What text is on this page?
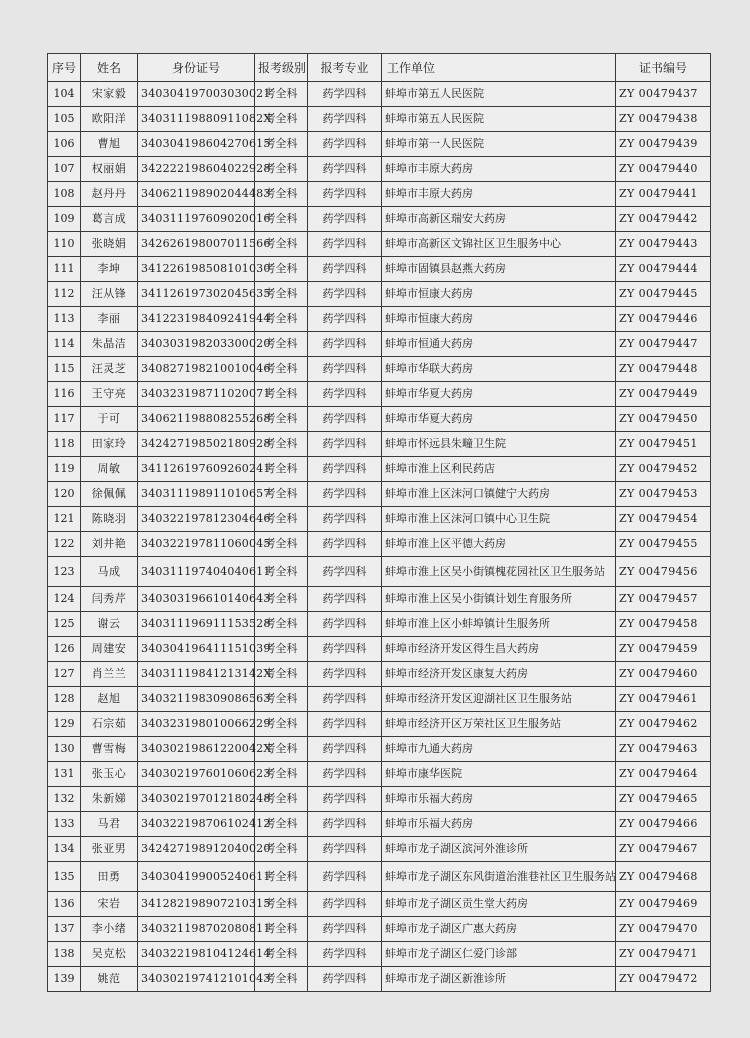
序号	姓名	身份证号	报考级别	报考专业	工作单位	证书编号
104	宋家毅	340304197003030021	考全科	药学四科	蚌埠市第五人民医院	ZY 00479437
105	欧阳洋	34031119880911082X	考全科	药学四科	蚌埠市第五人民医院	ZY 00479438
106	曹旭	340304198604270615	考全科	药学四科	蚌埠市第一人民医院	ZY 00479439
107	权丽娟	342222198604022928	考全科	药学四科	蚌埠市丰原大药房	ZY 00479440
108	赵丹丹	340621198902044483	考全科	药学四科	蚌埠市丰原大药房	ZY 00479441
109	葛言成	340311197609020016	考全科	药学四科	蚌埠市高新区瑞安大药房	ZY 00479442
110	张晓娟	342626198007011566	考全科	药学四科	蚌埠市高新区文锦社区卫生服务中心	ZY 00479443
111	李坤	341226198508101030	考全科	药学四科	蚌埠市固镇县赵燕大药房	ZY 00479444
112	汪从锋	341126197302045635	考全科	药学四科	蚌埠市恒康大药房	ZY 00479445
113	李丽	341223198409241944	考全科	药学四科	蚌埠市恒康大药房	ZY 00479446
114	朱晶洁	340303198203300020	考全科	药学四科	蚌埠市恒通大药房	ZY 00479447
115	汪灵芝	340827198210010046	考全科	药学四科	蚌埠市华联大药房	ZY 00479448
116	王守亮	340323198711020071	考全科	药学四科	蚌埠市华夏大药房	ZY 00479449
117	于可	340621198808255268	考全科	药学四科	蚌埠市华夏大药房	ZY 00479450
118	田家玲	342427198502180928	考全科	药学四科	蚌埠市怀远县朱疃卫生院	ZY 00479451
119	周敏	341126197609260241	考全科	药学四科	蚌埠市淮上区利民药店	ZY 00479452
120	徐佩佩	340311198911010657	考全科	药学四科	蚌埠市淮上区沫河口镇健宁大药房	ZY 00479453
121	陈晓羽	340322197812304646	考全科	药学四科	蚌埠市淮上区沫河口镇中心卫生院	ZY 00479454
122	刘井艳	340322197811060045	考全科	药学四科	蚌埠市淮上区平德大药房	ZY 00479455
123	马成	340311197404040611	考全科	药学四科	蚌埠市淮上区吴小街镇槐花园社区卫生服务站	ZY 00479456
124	闫秀芹	340303196610140643	考全科	药学四科	蚌埠市淮上区吴小街镇计划生育服务所	ZY 00479457
125	谢云	340311196911153528	考全科	药学四科	蚌埠市淮上区小蚌埠镇计生服务所	ZY 00479458
126	周建安	340304196411151039	考全科	药学四科	蚌埠市经济开发区得生昌大药房	ZY 00479459
127	肖兰兰	34031119841213142X	考全科	药学四科	蚌埠市经济开发区康复大药房	ZY 00479460
128	赵旭	340321198309086563	考全科	药学四科	蚌埠市经济开发区迎湖社区卫生服务站	ZY 00479461
129	石宗茹	340323198010066229	考全科	药学四科	蚌埠市经济开区万荣社区卫生服务站	ZY 00479462
130	曹雪梅	34030219861220042X	考全科	药学四科	蚌埠市九通大药房	ZY 00479463
131	张玉心	340302197601060623	考全科	药学四科	蚌埠市康华医院	ZY 00479464
132	朱新娣	340302197012180248	考全科	药学四科	蚌埠市乐福大药房	ZY 00479465
133	马君	340322198706102412	考全科	药学四科	蚌埠市乐福大药房	ZY 00479466
134	张亚男	342427198912040020	考全科	药学四科	蚌埠市龙子湖区滨河外淮诊所	ZY 00479467
135	田勇	340304199005240611	考全科	药学四科	蚌埠市龙子湖区东风街道治淮巷社区卫生服务站	ZY 00479468
136	宋岩	341282198907210315	考全科	药学四科	蚌埠市龙子湖区贡生堂大药房	ZY 00479469
137	李小绪	340321198702080811	考全科	药学四科	蚌埠市龙子湖区广惠大药房	ZY 00479470
138	吴克松	340322198104124614	考全科	药学四科	蚌埠市龙子湖区仁爱门诊部	ZY 00479471
139	姚范	340302197412101043	考全科	药学四科	蚌埠市龙子湖区新淮诊所	ZY 00479472
